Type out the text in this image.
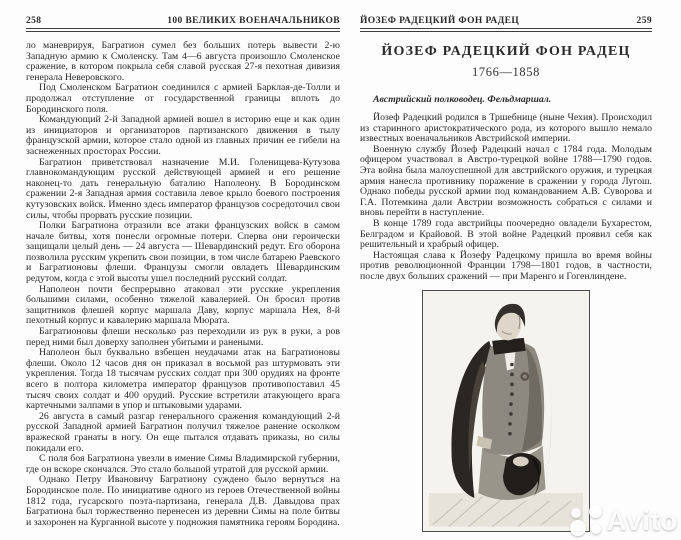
258	100 ВЕЛИКИХ ВОЕНАЧАЛЬНИКОВ

ло маневрируя, Багратион сумел без больших потерь вывести 2-ю Западную армию к Смоленску. Там 4—6 августа произошло Смоленское сражение, в котором покрыла себя славой русская 27-я пехотная дивизия генерала Неверовского.

Под Смоленском Багратион соединился с армией Барклая-де-Толли и продолжал отступление от государственной границы вплоть до Бородинского поля.

Командующий 2-й Западной армией вошел в историю еще и как один из инициаторов и организаторов партизанского движения в тылу французской армии, которое стало одной из главных причин ее гибели на заснеженных просторах России.

Багратион приветствовал назначение М.И. Голенищева-Кутузова главнокомандующим русской действующей армией и его решение наконец-то дать генеральную баталию Наполеону. В Бородинском сражении 2-я Западная армия составила левое крыло боевого построения кутузовских войск. Именно здесь император французов сосредоточил свои силы, чтобы прорвать русские позиции.

Полки Багратиона отразили все атаки французских войск в самом начале битвы, хотя понесли огромные потери. Сперва они героически защищали целый день — 24 августа — Шевардинский редут. Его оборона позволила русским укрепить свои позиции, в том числе батарею Раевского и Багратионовы флеши. Французы смогли овладеть Шевардинским редутом, когда с этой высоты ушел последний русский солдат.

Наполеон почти беспрерывно атаковал эти русские укрепления большими силами, особенно тяжелой кавалерией. Он бросил против защитников флешей корпус маршала Даву, корпус маршала Нея, 8-й пехотный корпус и кавалерию маршала Мюрата.

Багратионовы флеши несколько раз переходили из рук в руки, а ров перед ними был доверху заполнен убитыми и ранеными.

Наполеон был буквально взбешен неудачами атак на Багратионовы флеши. Около 12 часов дня он приказал в восьмой раз штурмовать эти укрепления. Тогда 18 тысячам русских солдат при 300 орудиях на фронте всего в полтора километра император французов противопоставил 45 тысяч своих солдат и 400 орудий. Русские встретили атакующего врага картечными залпами в упор и штыковыми ударами.

26 августа в самый разгар генерального сражения командующий 2-й русской Западной армией Багратион получил тяжелое ранение осколком вражеской гранаты в ногу. Он еще пытался отдавать приказы, но силы покидали его.

С поля боя Багратиона увезли в имение Симы Владимирской губернии, где он вскоре скончался. Это стало большой утратой для русской армии.

Однако Петру Ивановичу Багратиону суждено было вернуться на Бородинское поле. По инициативе одного из героев Отечественной войны 1812 года, гусарского поэта-партизана, генерала Д.В. Давыдова прах Багратиона был торжественно перенесен из деревни Симы на поле битвы и захоронен на Курганной высоте у подножия памятника героям Бородина.

ЙОЗЕФ РАДЕЦКИЙ ФОН РАДЕЦ	259
ЙОЗЕФ РАДЕЦКИЙ ФОН РАДЕЦ
1766—1858

Австрийский полководец. Фельдмаршал.

Йозеф Радецкий родился в Тршебнице (ныне Чехия). Происходил из старинного аристократического рода, из которого вышло немало известных военачальников Австрийской империи.

Военную службу Йозеф Радецкий начал с 1784 года. Молодым офицером участвовал в Австро-турецкой войне 1788—1790 годов. Эта война была малоуспешной для австрийского оружия, и турецкая армия нанесла противнику поражение в сражении у города Лугош. Однако победы русской армии под командованием А.В. Суворова и Г.А. Потемкина дали Австрии возможность собраться с силами и вновь перейти в наступление.

В конце 1789 года австрийцы поочередно овладели Бухарестом, Белградом и Крайовой. В этой войне Радецкий проявил себя как решительный и храбрый офицер.

Настоящая слава к Йозефу Радецкому пришла во время войны против революционной Франции 1798—1801 годов, в частности, после двух больших сражений — при Маренго и Гогенлиндене.

Avito
